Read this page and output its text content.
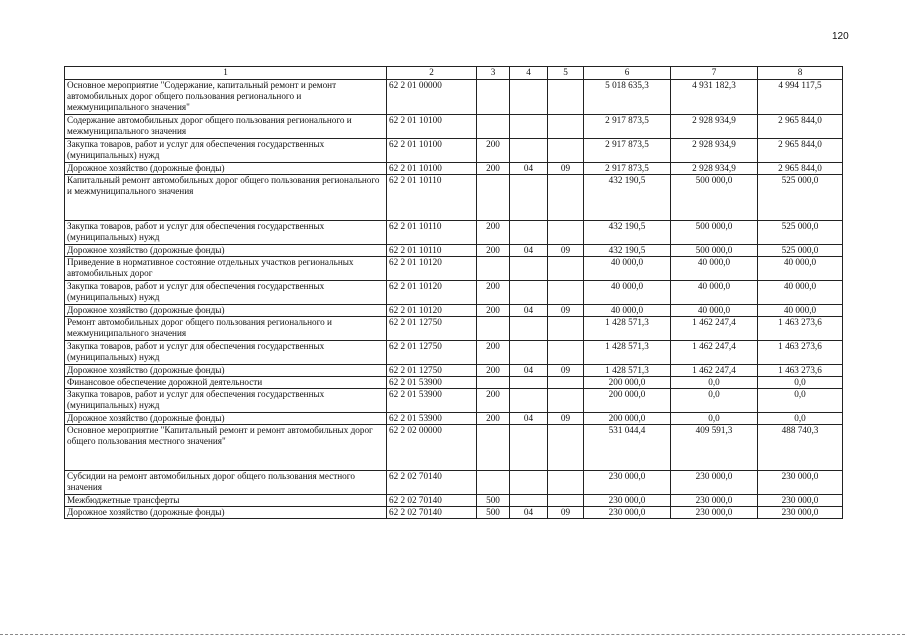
120
1	2	3	4	5	6	7	8
Основное мероприятие "Содержание, капитальный ремонт и ремонт автомобильных дорог общего пользования регионального и межмуниципального значения"	62 2 01 00000				5 018 635,3	4 931 182,3	4 994 117,5
Содержание автомобильных дорог общего пользования регионального и межмуниципального значения	62 2 01 10100				2 917 873,5	2 928 934,9	2 965 844,0
Закупка товаров, работ и услуг для обеспечения государственных (муниципальных) нужд	62 2 01 10100	200			2 917 873,5	2 928 934,9	2 965 844,0
Дорожное хозяйство (дорожные фонды)	62 2 01 10100	200	04	09	2 917 873,5	2 928 934,9	2 965 844,0
Капитальный ремонт автомобильных дорог общего пользования регионального и межмуниципального значения	62 2 01 10110				432 190,5	500 000,0	525 000,0
Закупка товаров, работ и услуг для обеспечения государственных (муниципальных) нужд	62 2 01 10110	200			432 190,5	500 000,0	525 000,0
Дорожное хозяйство (дорожные фонды)	62 2 01 10110	200	04	09	432 190,5	500 000,0	525 000,0
Приведение в нормативное состояние отдельных участков региональных автомобильных дорог	62 2 01 10120				40 000,0	40 000,0	40 000,0
Закупка товаров, работ и услуг для обеспечения государственных (муниципальных) нужд	62 2 01 10120	200			40 000,0	40 000,0	40 000,0
Дорожное хозяйство (дорожные фонды)	62 2 01 10120	200	04	09	40 000,0	40 000,0	40 000,0
Ремонт автомобильных дорог общего пользования регионального и межмуниципального значения	62 2 01 12750				1 428 571,3	1 462 247,4	1 463 273,6
Закупка товаров, работ и услуг для обеспечения государственных (муниципальных) нужд	62 2 01 12750	200			1 428 571,3	1 462 247,4	1 463 273,6
Дорожное хозяйство (дорожные фонды)	62 2 01 12750	200	04	09	1 428 571,3	1 462 247,4	1 463 273,6
Финансовое обеспечение дорожной деятельности	62 2 01 53900				200 000,0	0,0	0,0
Закупка товаров, работ и услуг для обеспечения государственных (муниципальных) нужд	62 2 01 53900	200			200 000,0	0,0	0,0
Дорожное хозяйство (дорожные фонды)	62 2 01 53900	200	04	09	200 000,0	0,0	0,0
Основное мероприятие "Капитальный ремонт и ремонт автомобильных дорог общего пользования местного значения"	62 2 02 00000				531 044,4	409 591,3	488 740,3
Субсидии на ремонт автомобильных дорог общего пользования местного значения	62 2 02 70140				230 000,0	230 000,0	230 000,0
Межбюджетные трансферты	62 2 02 70140	500			230 000,0	230 000,0	230 000,0
Дорожное хозяйство (дорожные фонды)	62 2 02 70140	500	04	09	230 000,0	230 000,0	230 000,0
